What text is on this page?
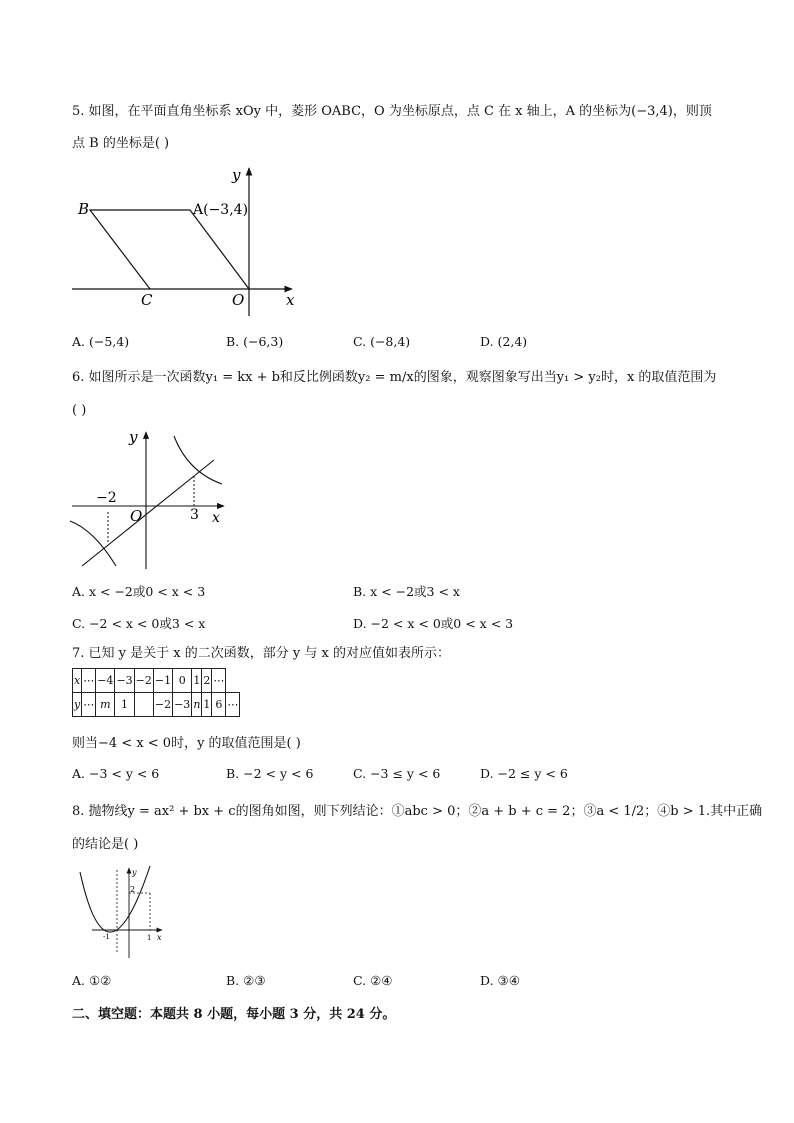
5. 如图，在平面直角坐标系 xOy 中，菱形 OABC，O 为坐标原点，点 C 在 x 轴上，A 的坐标为(−3,4)，则顶
点 B 的坐标是( )
y
x
B	A(−3,4)
C	O
A. (−5,4)	B. (−6,3)	C. (−8,4)	D. (2,4)
6. 如图所示是一次函数y₁ = kx + b和反比例函数y₂ = m/x的图象，观察图象写出当y₁ > y₂时，x 的取值范围为
( )
y
x
O
−2
3
A. x < −2或0 < x < 3	B. x < −2或3 < x
C. −2 < x < 0或3 < x	D. −2 < x < 0或0 < x < 3
7. 已知 y 是关于 x 的二次函数，部分 y 与 x 的对应值如表所示：
x	⋯	−4	−3	−2	−1	0	1	2	⋯	
y	⋯	m	1		−2	−3	n	1	6	⋯
则当−4 < x < 0时，y 的取值范围是( )
A. −3 < y < 6	B. −2 < y < 6	C. −3 ≤ y < 6	D. −2 ≤ y < 6
8. 抛物线y = ax² + bx + c的图角如图，则下列结论：①abc > 0；②a + b + c = 2；③a < 1/2；④b > 1.其中正确
的结论是( )
y
x
2
-1	1
A. ①②	B. ②③	C. ②④	D. ③④
二、填空题：本题共 8 小题，每小题 3 分，共 24 分。
